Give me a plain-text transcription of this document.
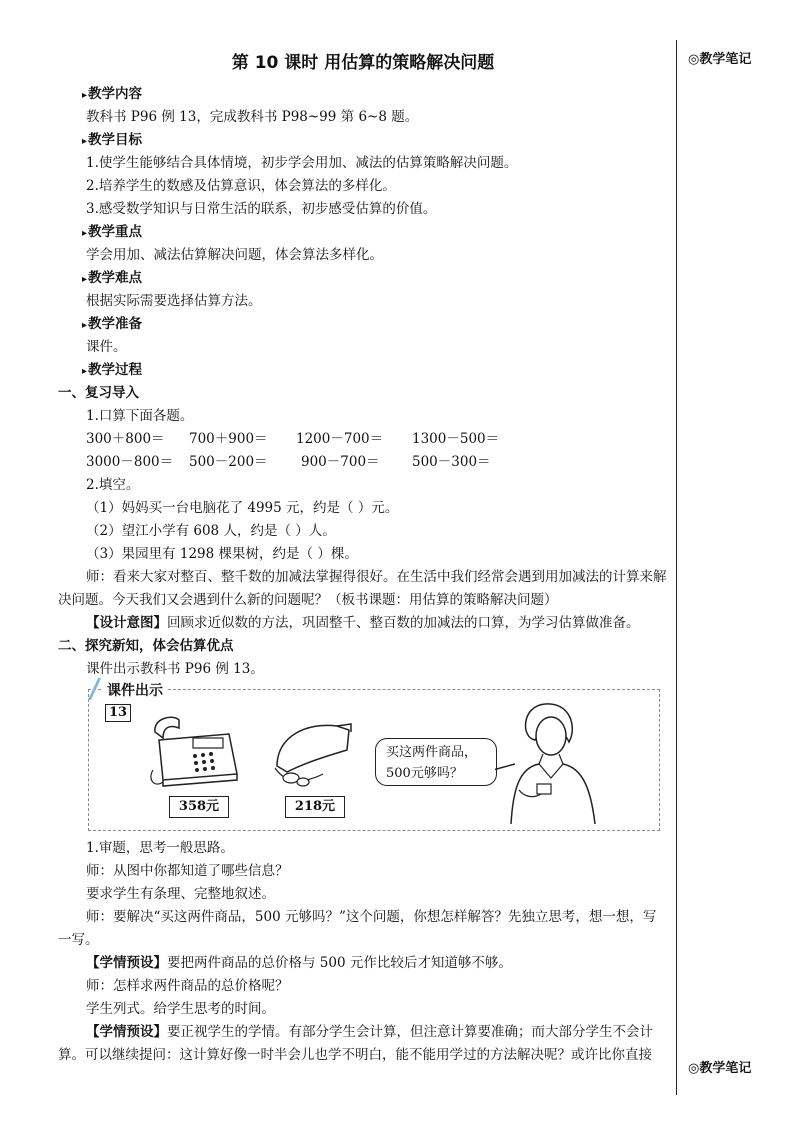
◎教学笔记
◎教学笔记
第 10 课时 用估算的策略解决问题
▸ 教学内容
教科书 P96 例 13，完成教科书 P98~99 第 6~8 题。
▸ 教学目标
1.使学生能够结合具体情境，初步学会用加、减法的估算策略解决问题。
2.培养学生的数感及估算意识，体会算法的多样化。
3.感受数学知识与日常生活的联系，初步感受估算的价值。
▸ 教学重点
学会用加、减法估算解决问题，体会算法多样化。
▸ 教学难点
根据实际需要选择估算方法。
▸ 教学准备
课件。
▸ 教学过程
一、复习导入
1.口算下面各题。
300＋800＝ 700＋900＝ 1200－700＝ 1300－500＝
3000－800＝ 500－200＝ 900－700＝ 500－300＝
2.填空。
（1）妈妈买一台电脑花了 4995 元，约是（ ）元。
（2）望江小学有 608 人，约是（ ）人。
（3）果园里有 1298 棵果树，约是（ ）棵。

师：看来大家对整百、整千数的加减法掌握得很好。在生活中我们经常会遇到用加减法的计算来解决问题。今天我们又会遇到什么新的问题呢？（板书课题：用估算的策略解决问题）

【设计意图】回顾求近似数的方法，巩固整千、整百数的加减法的口算，为学习估算做准备。

二、探究新知，体会估算优点
课件出示教科书 P96 例 13。
课件出示
13
358元	218元
买这两件商品，
500元够吗？
1.审题，思考一般思路。
师：从图中你都知道了哪些信息？
要求学生有条理、完整地叙述。

师：要解决“买这两件商品，500 元够吗？”这个问题，你想怎样解答？先独立思考，想一想，写一写。

【学情预设】要把两件商品的总价格与 500 元作比较后才知道够不够。

师：怎样求两件商品的总价格呢？
学生列式。给学生思考的时间。

【学情预设】要正视学生的学情。有部分学生会计算，但注意计算要准确；而大部分学生不会计算。可以继续提问：这计算好像一时半会儿也学不明白，能不能用学过的方法解决呢？或许比你直接
